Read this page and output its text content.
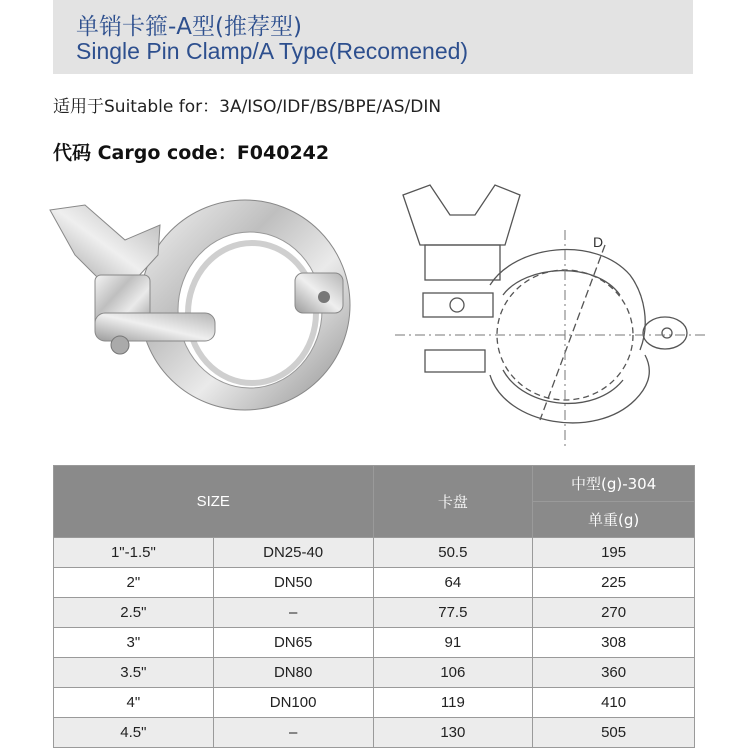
单销卡箍-A型(推荐型)
Single Pin Clamp/A Type(Recomened)
适用于Suitable for：3A/ISO/IDF/BS/BPE/AS/DIN
代码 Cargo code：F040242
D
SIZE		卡盘	中型(g)-304
			单重(g)
1"-1.5"	DN25-40	50.5	195
2"	DN50	64	225
2.5"	–	77.5	270
3"	DN65	91	308
3.5"	DN80	106	360
4"	DN100	119	410
4.5"	–	130	505
